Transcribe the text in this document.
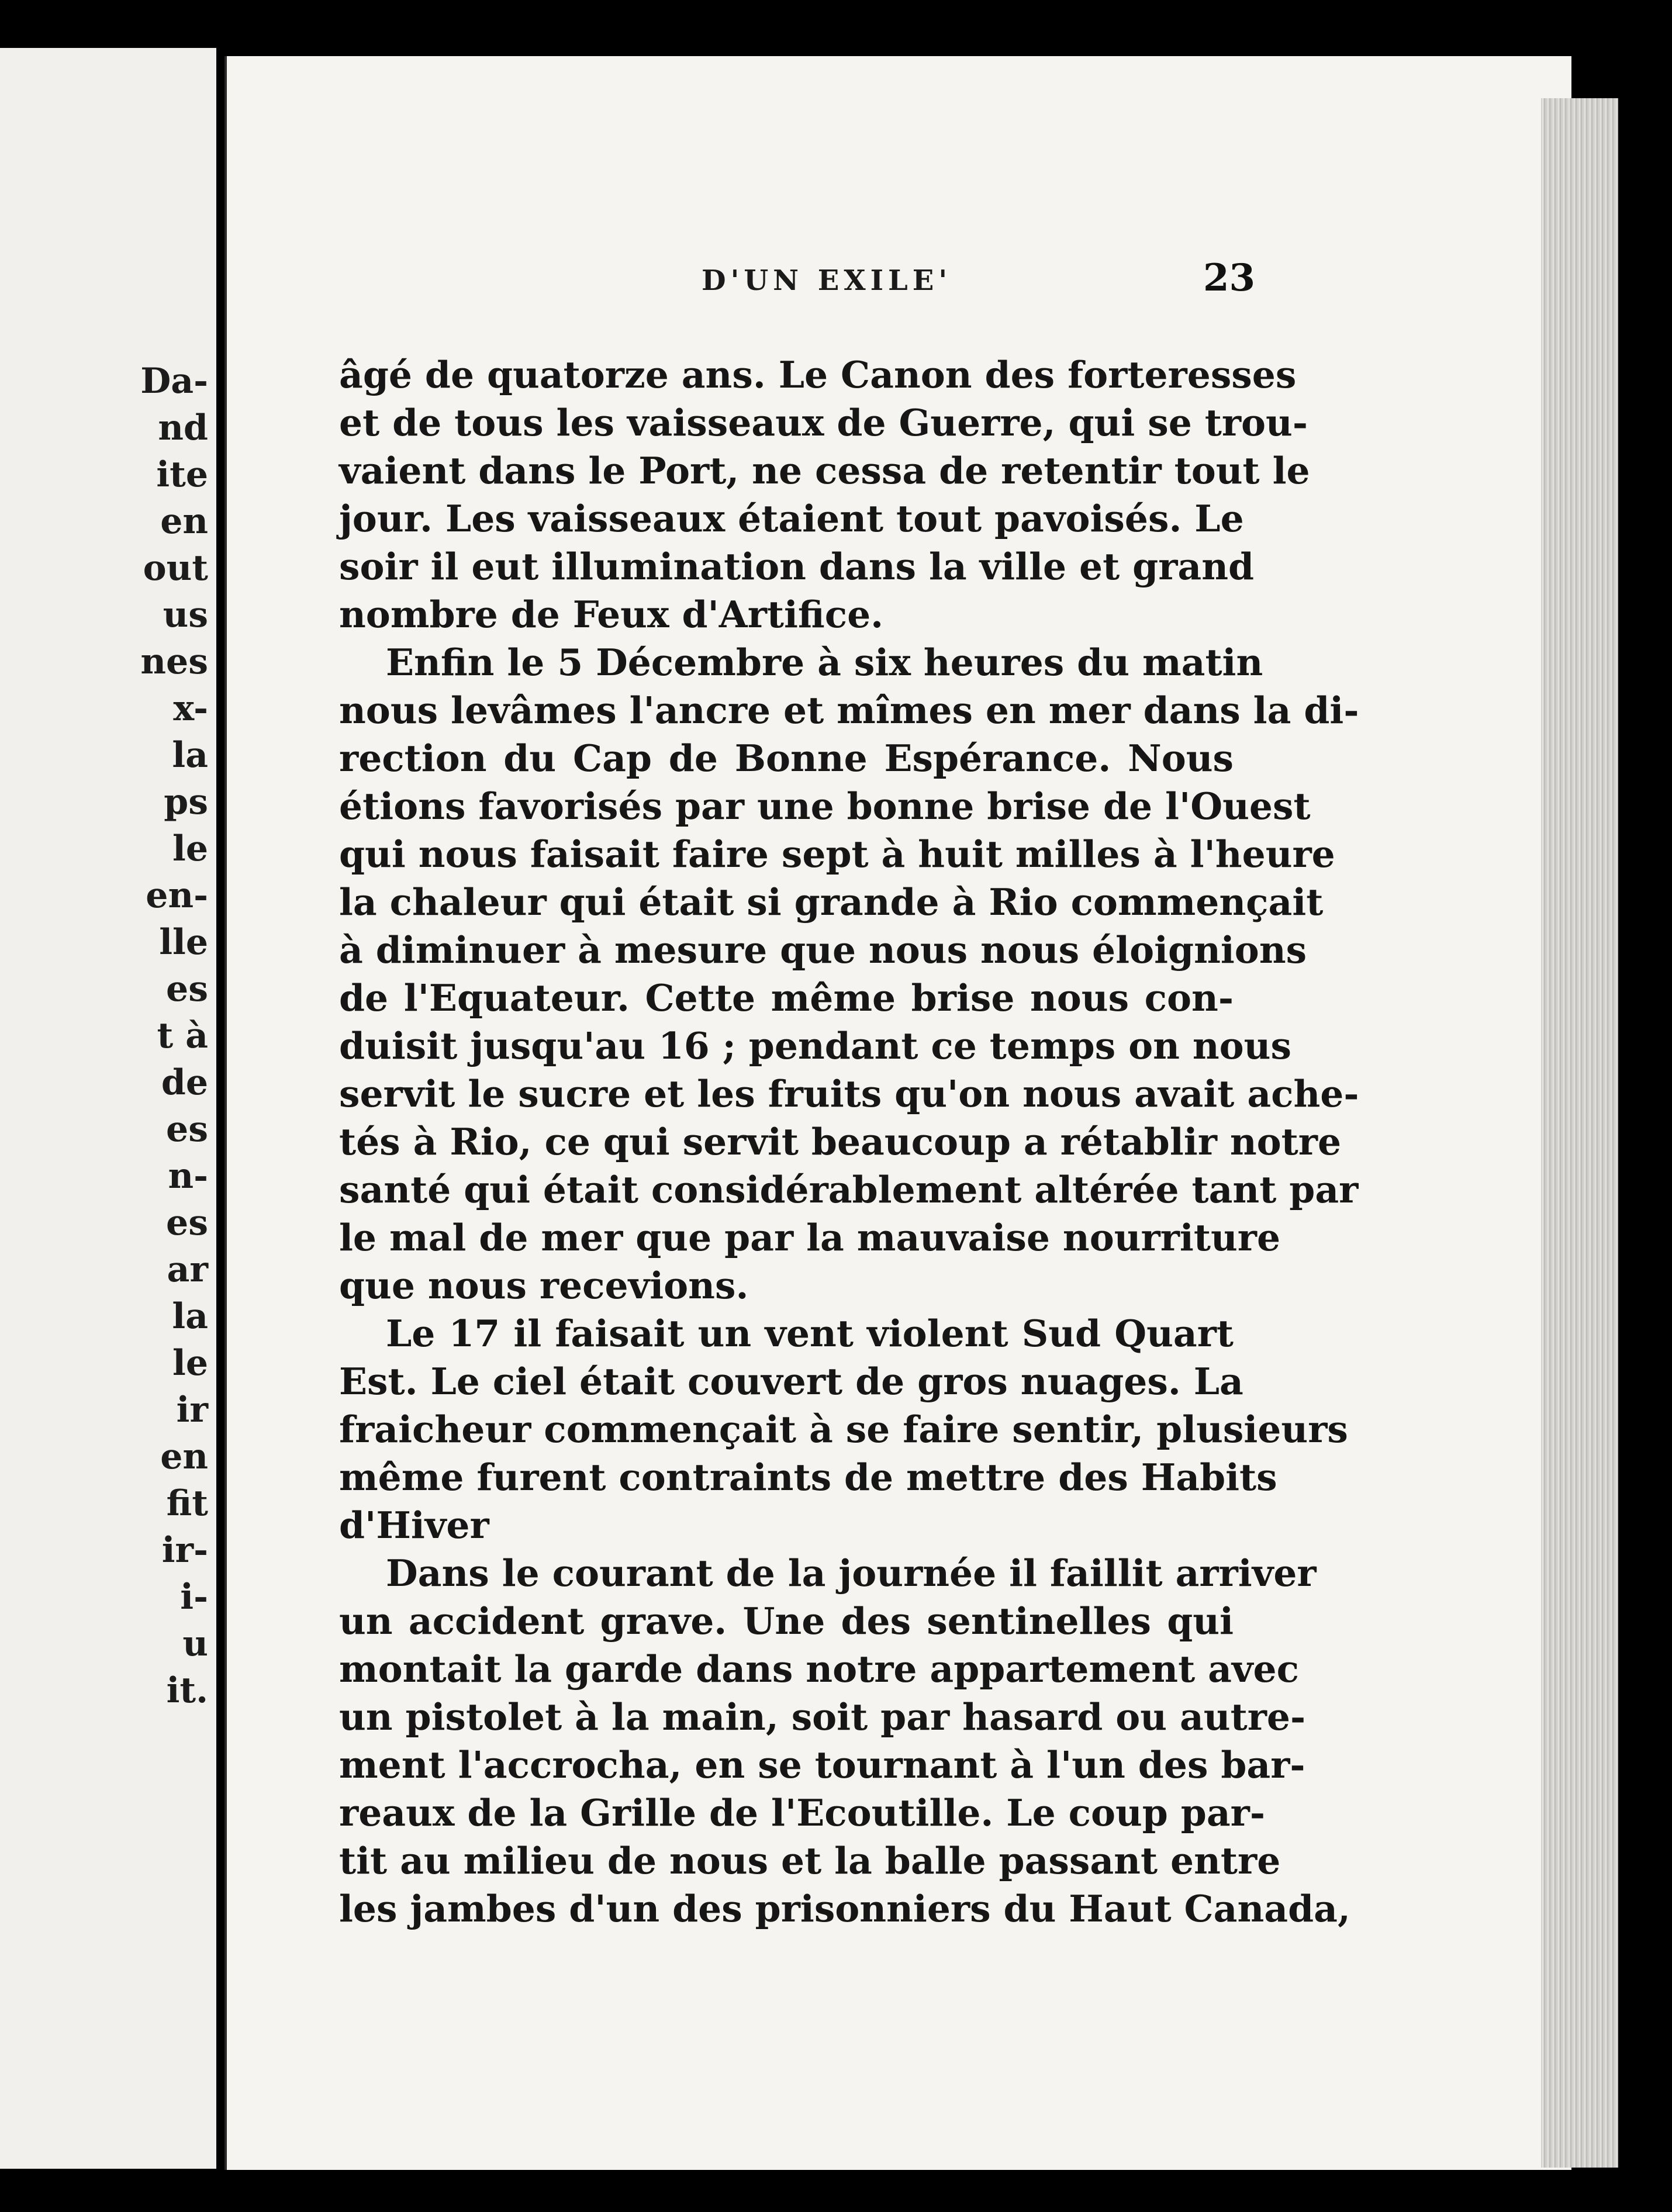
Da-
nd
ite
en
out
us
nes
x-
la
ps
le
en-
lle
es
t à
de
es
n-
es
ar
la
le
ir
en
fit
ir-
i-
u
it.
D'UN EXILE'	23
âgé de quatorze ans. Le Canon des forteresses
et de tous les vaisseaux de Guerre, qui se trou-
vaient dans le Port, ne cessa de retentir tout le
jour. Les vaisseaux étaient tout pavoisés. Le
soir il eut illumination dans la ville et grand
nombre de Feux d'Artifice.
Enfin le 5 Décembre à six heures du matin
nous levâmes l'ancre et mîmes en mer dans la di-
rection du Cap de Bonne Espérance. Nous
étions favorisés par une bonne brise de l'Ouest
qui nous faisait faire sept à huit milles à l'heure
la chaleur qui était si grande à Rio commençait
à diminuer à mesure que nous nous éloignions
de l'Equateur. Cette même brise nous con-
duisit jusqu'au 16 ; pendant ce temps on nous
servit le sucre et les fruits qu'on nous avait ache-
tés à Rio, ce qui servit beaucoup a rétablir notre
santé qui était considérablement altérée tant par
le mal de mer que par la mauvaise nourriture
que nous recevions.
Le 17 il faisait un vent violent Sud Quart
Est. Le ciel était couvert de gros nuages. La
fraicheur commençait à se faire sentir, plusieurs
même furent contraints de mettre des Habits
d'Hiver
Dans le courant de la journée il faillit arriver
un accident grave. Une des sentinelles qui
montait la garde dans notre appartement avec
un pistolet à la main, soit par hasard ou autre-
ment l'accrocha, en se tournant à l'un des bar-
reaux de la Grille de l'Ecoutille. Le coup par-
tit au milieu de nous et la balle passant entre
les jambes d'un des prisonniers du Haut Canada,
